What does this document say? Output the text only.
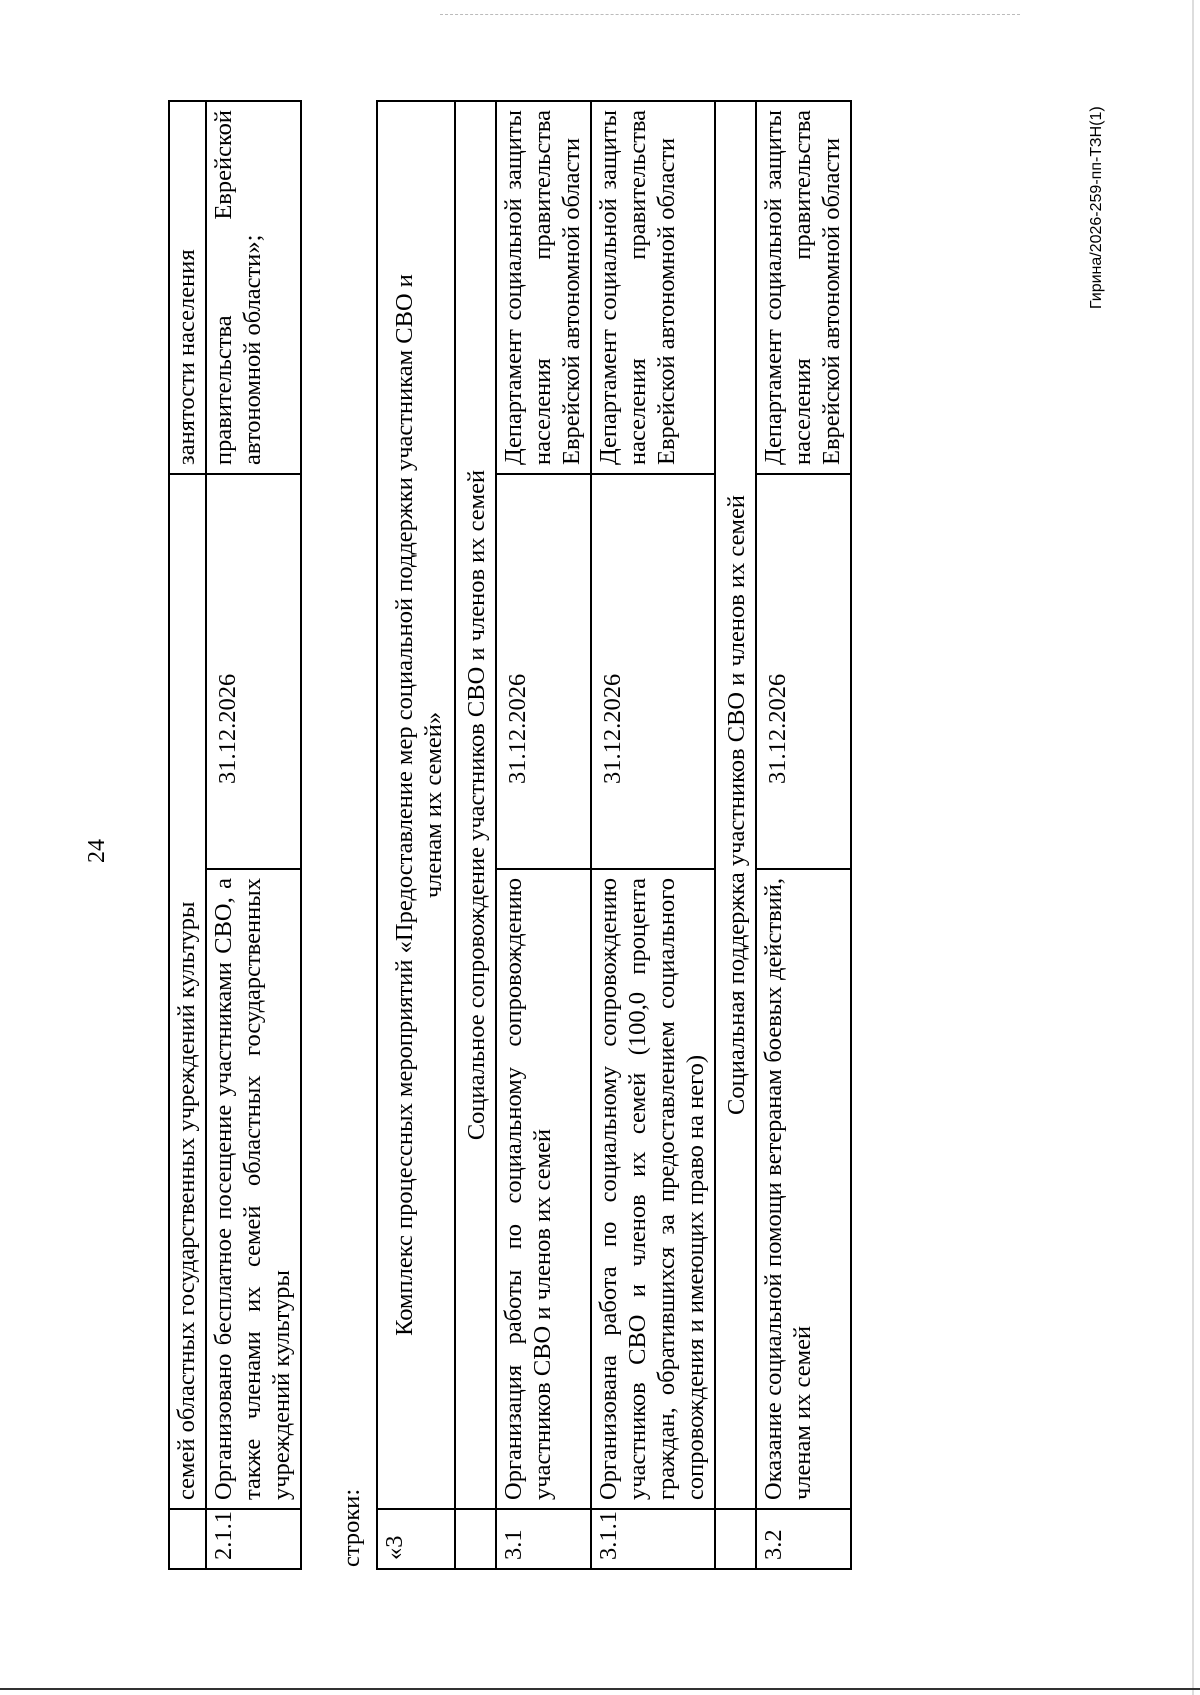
24
	семей областных государственных учреждений культуры		занятости населения
2.1.1	Организовано бесплатное посещение участниками СВО, а также членами их семей областных государственных учреждений культуры	31.12.2026	правительства Еврейской автономной области»;
строки: «3	Комплекс процессных мероприятий «Предоставление мер социальной поддержки участникам СВО и членам их семей»		
	Социальное сопровождение участников СВО и членов их семей		
3.1	Организация работы по социальному сопровождению участников СВО и членов их семей	31.12.2026	Департамент социальной защиты населения правительства Еврейской автономной области
3.1.1	Организована работа по социальному сопровождению участников СВО и членов их семей (100,0 процента граждан, обратившихся за предоставлением социального сопровождения и имеющих право на него)	31.12.2026	Департамент социальной защиты населения правительства Еврейской автономной области
	Социальная поддержка участников СВО и членов их семей		
3.2	Оказание социальной помощи ветеранам боевых действий, членам их семей	31.12.2026	Департамент социальной защиты населения правительства Еврейской автономной области	Гирина/2026-259-пп-ТЗН(1)
